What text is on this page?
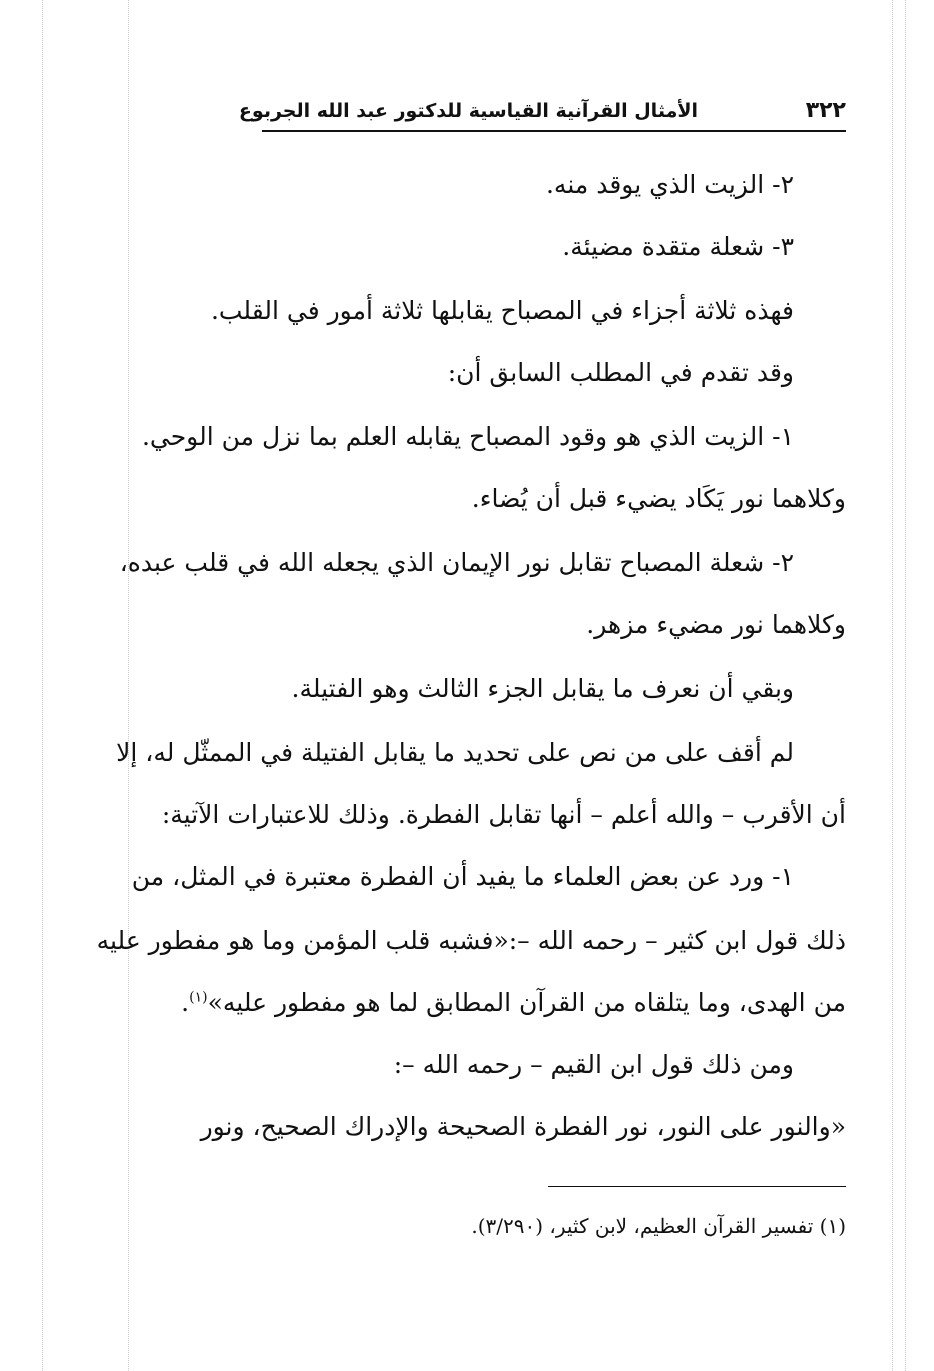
٣٢٢
الأمثال القرآنية القياسية للدكتور عبد الله الجربوع
٢- الزيت الذي يوقد منه.
٣- شعلة متقدة مضيئة.
فهذه ثلاثة أجزاء في المصباح يقابلها ثلاثة أمور في القلب.
وقد تقدم في المطلب السابق أن:
١- الزيت الذي هو وقود المصباح يقابله العلم بما نزل من الوحي.
وكلاهما نور يَكَاد يضيء قبل أن يُضاء.
٢- شعلة المصباح تقابل نور الإيمان الذي يجعله الله في قلب عبده،
وكلاهما نور مضيء مزهر.
وبقي أن نعرف ما يقابل الجزء الثالث وهو الفتيلة.
لم أقف على من نص على تحديد ما يقابل الفتيلة في الممثّل له، إلا
أن الأقرب – والله أعلم – أنها تقابل الفطرة. وذلك للاعتبارات الآتية:
١- ورد عن بعض العلماء ما يفيد أن الفطرة معتبرة في المثل، من
ذلك قول ابن كثير – رحمه الله –:«فشبه قلب المؤمن وما هو مفطور عليه
من الهدى، وما يتلقاه من القرآن المطابق لما هو مفطور عليه»$^{(١)}$.
ومن ذلك قول ابن القيم – رحمه الله –:
«والنور على النور، نور الفطرة الصحيحة والإدراك الصحيح، ونور
(١) تفسير القرآن العظيم، لابن كثير، (٣/٢٩٠).
